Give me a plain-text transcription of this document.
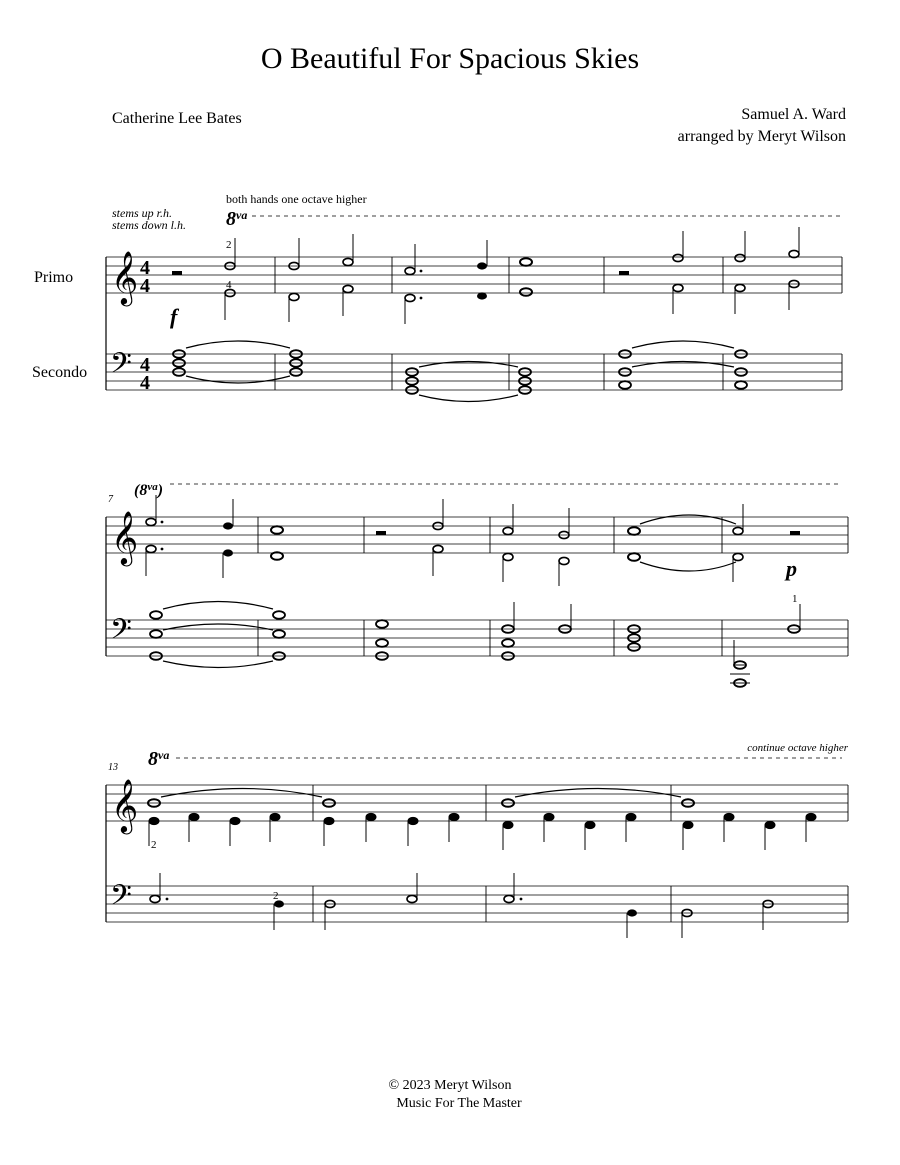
O Beautiful For Spacious Skies
Catherine Lee Bates	Samuel A. Ward
arranged by Meryt Wilson
Primo
Secondo
stems up r.h.
stems down l.h.
both hands one octave higher
$8^{va}$
𝄞
𝄢
4
4
4
4
2
4
f
7
$(8^{va})$
𝄞
𝄢
p
1
13 $8^{va}$	continue octave higher
𝄞
𝄢
2
2
© 2023 Meryt Wilson
Music For The Master
